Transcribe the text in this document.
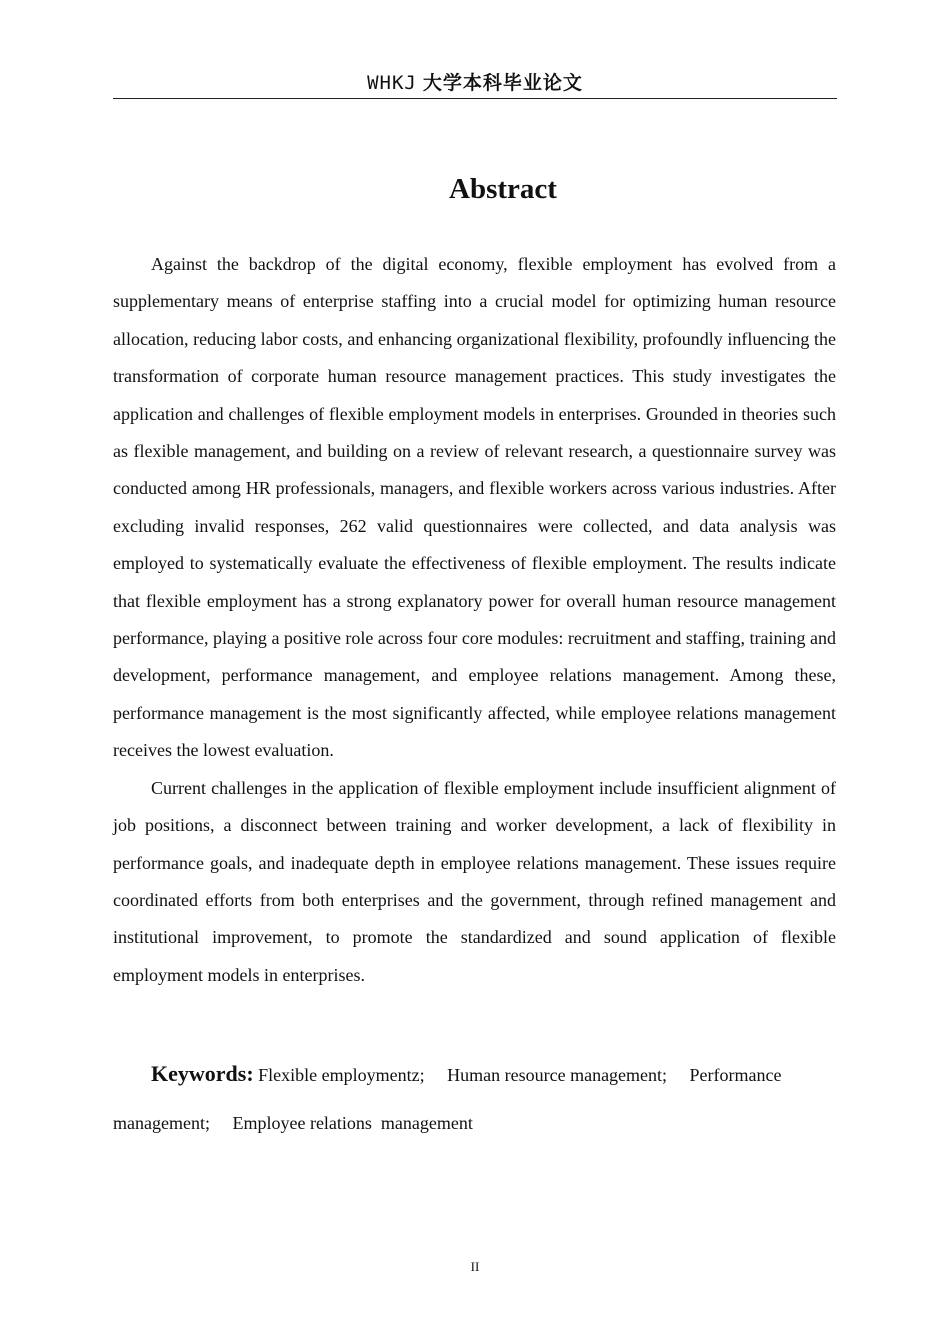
WHKJ 大学本科毕业论文
Abstract

Against the backdrop of the digital economy, flexible employment has evolved from a supplementary means of enterprise staffing into a crucial model for optimizing human resource allocation, reducing labor costs, and enhancing organizational flexibility, profoundly influencing the transformation of corporate human resource management practices. This study investigates the application and challenges of flexible employment models in enterprises. Grounded in theories such as flexible management, and building on a review of relevant research, a questionnaire survey was conducted among HR professionals, managers, and flexible workers across various industries. After excluding invalid responses, 262 valid questionnaires were collected, and data analysis was employed to systematically evaluate the effectiveness of flexible employment. The results indicate that flexible employment has a strong explanatory power for overall human resource management performance, playing a positive role across four core modules: recruitment and staffing, training and development, performance management, and employee relations management. Among these, performance management is the most significantly affected, while employee relations management receives the lowest evaluation.

Current challenges in the application of flexible employment include insufficient alignment of job positions, a disconnect between training and worker development, a lack of flexibility in performance goals, and inadequate depth in employee relations management. These issues require coordinated efforts from both enterprises and the government, through refined management and institutional improvement, to promote the standardized and sound application of flexible employment models in enterprises.

Keywords: Flexible employmentz; Human resource management; Performance management; Employee relations  management
II
